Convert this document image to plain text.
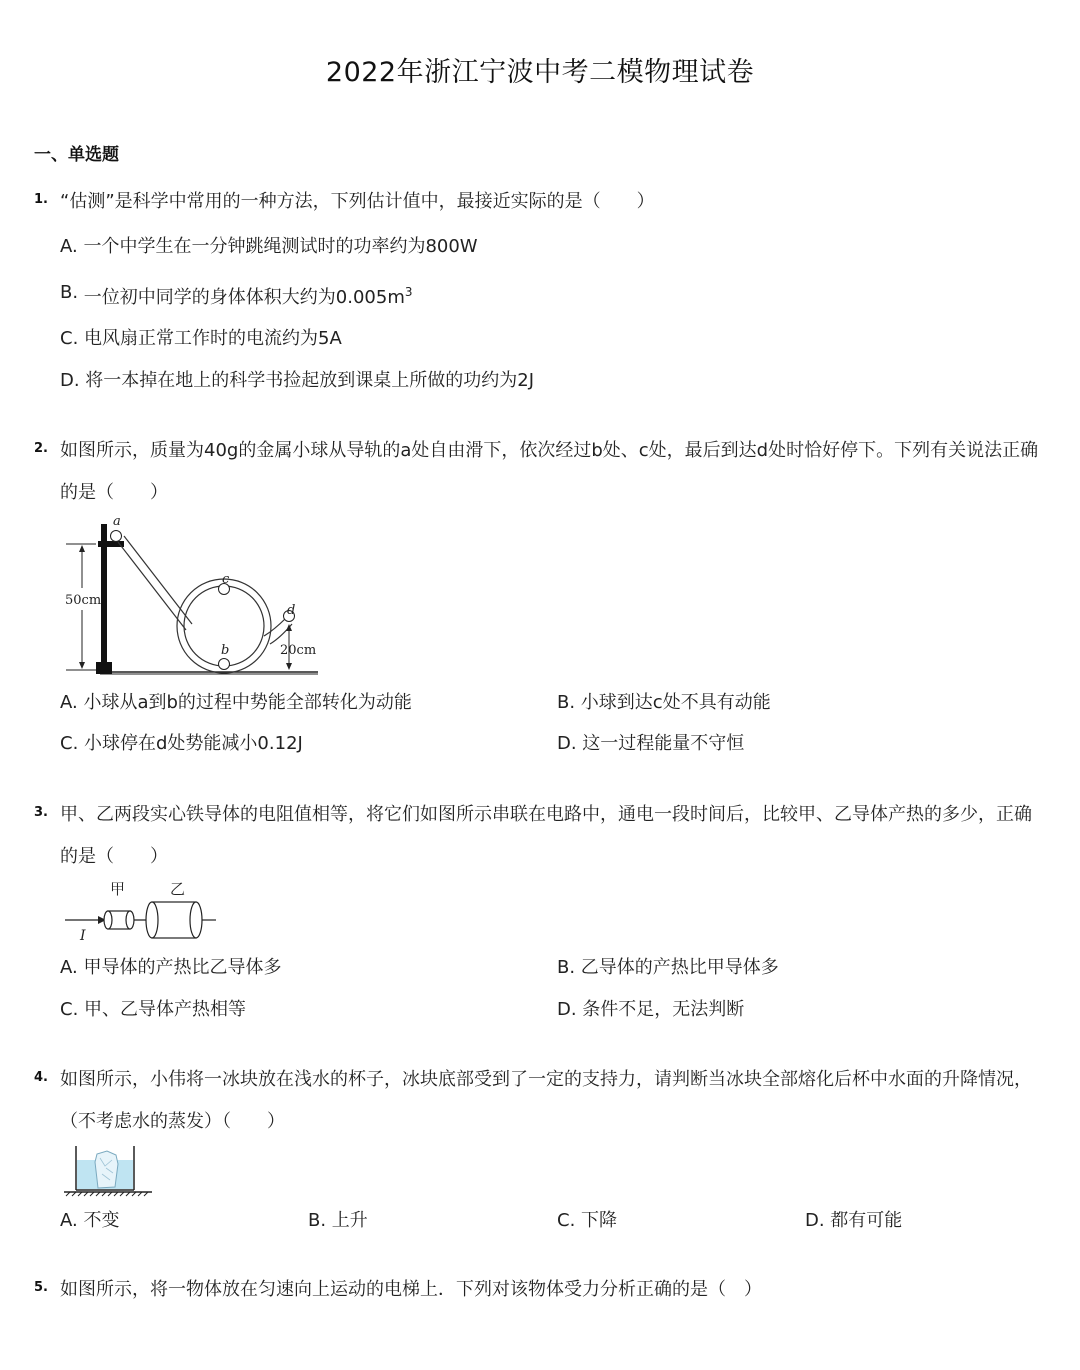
2022年浙江宁波中考二模物理试卷
一、单选题
1. “估测”是科学中常用的一种方法，下列估计值中，最接近实际的是（　　）
A. 一个中学生在一分钟跳绳测试时的功率约为800W
B. 一位初中同学的身体体积大约为$0.005m^3$
C. 电风扇正常工作时的电流约为5A
D. 将一本掉在地上的科学书捡起放到课桌上所做的功约为2J
2. 如图所示，质量为40g的金属小球从导轨的a处自由滑下，依次经过b处、c处，最后到达d处时恰好停下。下列有关说法正确
的是（　　）
50cm
a
c
b
d
20cm
A. 小球从a到b的过程中势能全部转化为动能	B. 小球到达c处不具有动能
C. 小球停在d处势能减小0.12J	D. 这一过程能量不守恒
3. 甲、乙两段实心铁导体的电阻值相等，将它们如图所示串联在电路中，通电一段时间后，比较甲、乙导体产热的多少，正确
的是（　　）
甲	乙
I
A. 甲导体的产热比乙导体多	B. 乙导体的产热比甲导体多
C. 甲、乙导体产热相等	D. 条件不足，无法判断
4. 如图所示，小伟将一冰块放在浅水的杯子，冰块底部受到了一定的支持力，请判断当冰块全部熔化后杯中水面的升降情况，
（不考虑水的蒸发）（　　）
A. 不变	B. 上升	C. 下降	D. 都有可能
5. 如图所示，将一物体放在匀速向上运动的电梯上．下列对该物体受力分析正确的是（　）
